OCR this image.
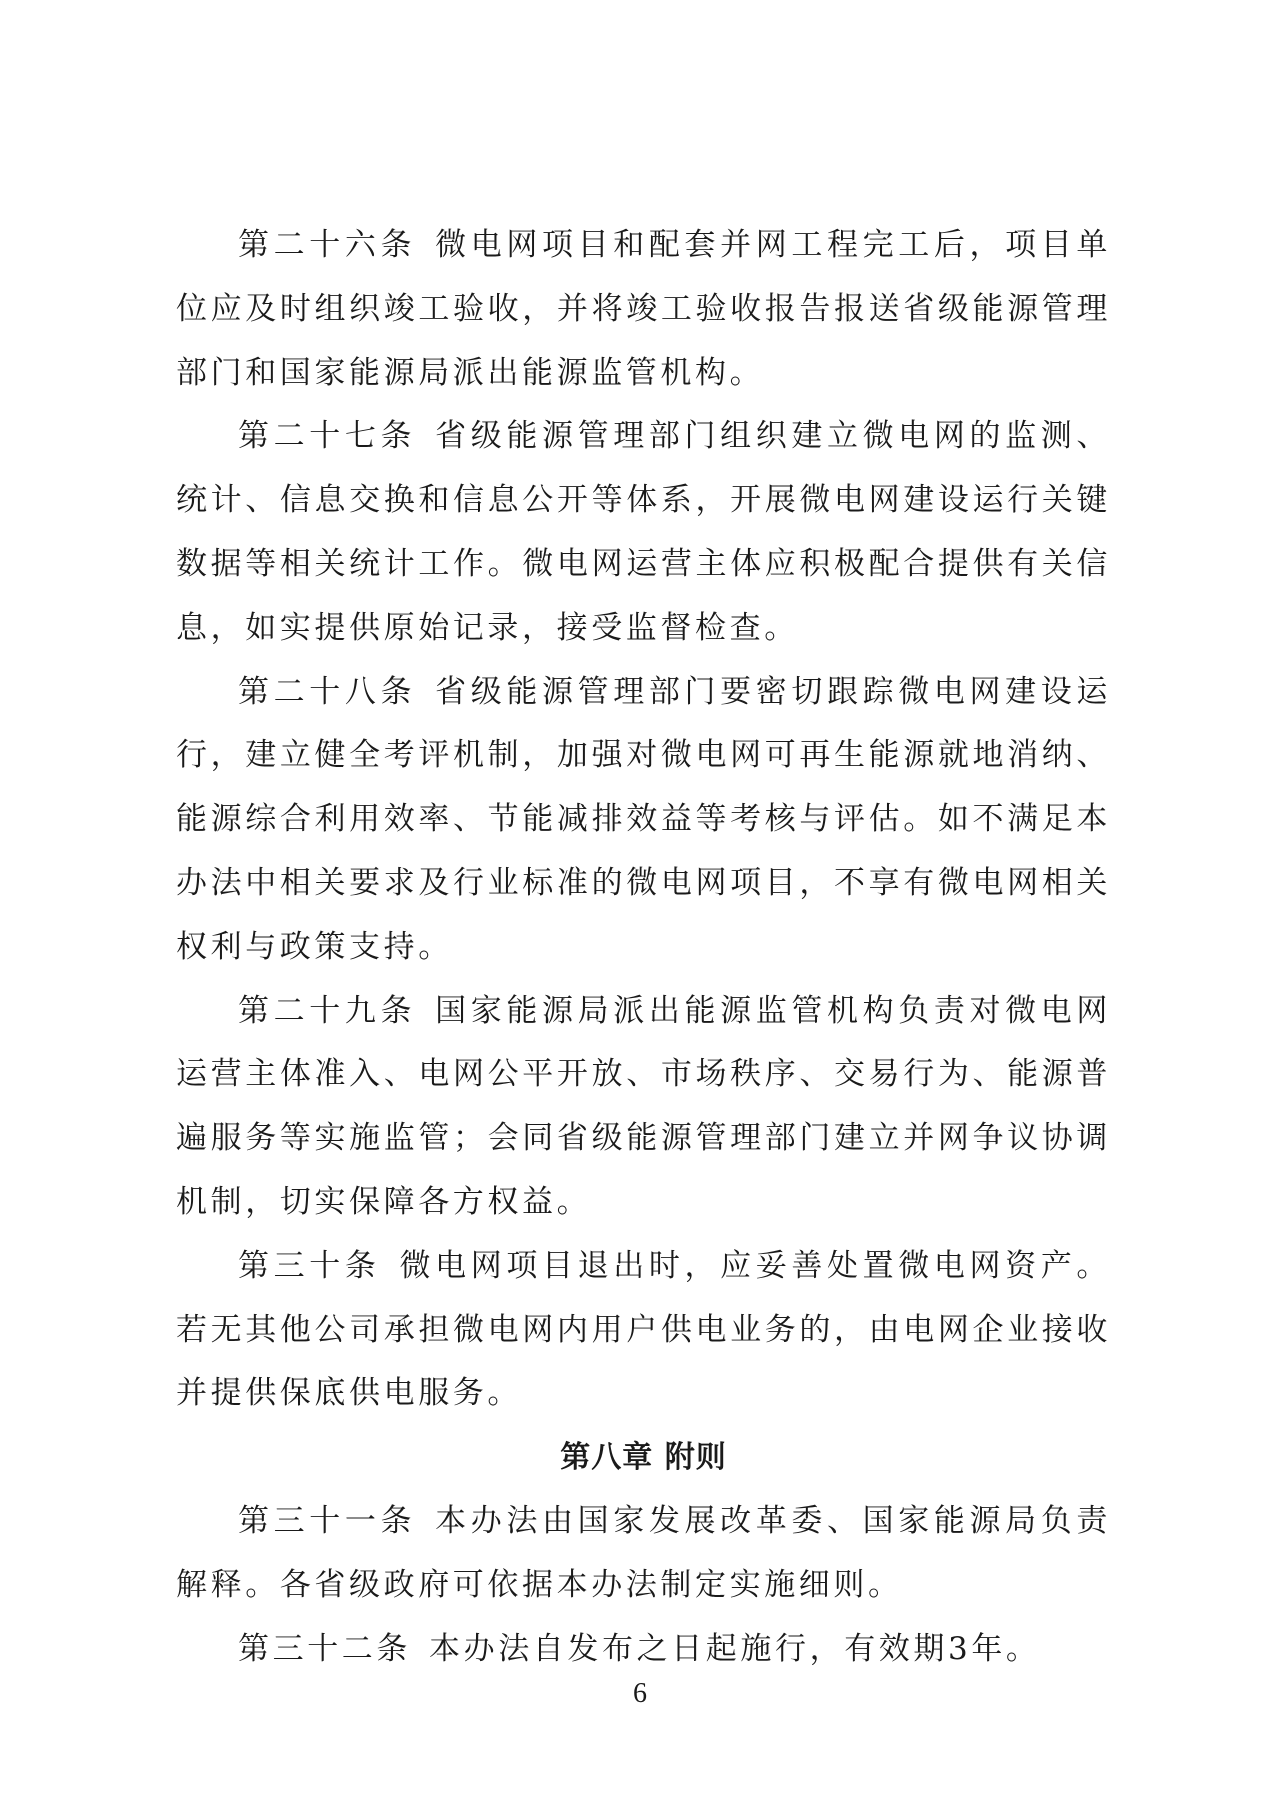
第二十六条 微电网项目和配套并网工程完工后，项目单位应及时组织竣工验收，并将竣工验收报告报送省级能源管理部门和国家能源局派出能源监管机构。

第二十七条 省级能源管理部门组织建立微电网的监测、统计、信息交换和信息公开等体系，开展微电网建设运行关键数据等相关统计工作。微电网运营主体应积极配合提供有关信息，如实提供原始记录，接受监督检查。

第二十八条 省级能源管理部门要密切跟踪微电网建设运行，建立健全考评机制，加强对微电网可再生能源就地消纳、能源综合利用效率、节能减排效益等考核与评估。如不满足本办法中相关要求及行业标准的微电网项目，不享有微电网相关权利与政策支持。

第二十九条 国家能源局派出能源监管机构负责对微电网运营主体准入、电网公平开放、市场秩序、交易行为、能源普遍服务等实施监管；会同省级能源管理部门建立并网争议协调机制，切实保障各方权益。

第三十条 微电网项目退出时，应妥善处置微电网资产。若无其他公司承担微电网内用户供电业务的，由电网企业接收并提供保底供电服务。

第八章 附则

第三十一条 本办法由国家发展改革委、国家能源局负责解释。各省级政府可依据本办法制定实施细则。

第三十二条 本办法自发布之日起施行，有效期3年。

6
